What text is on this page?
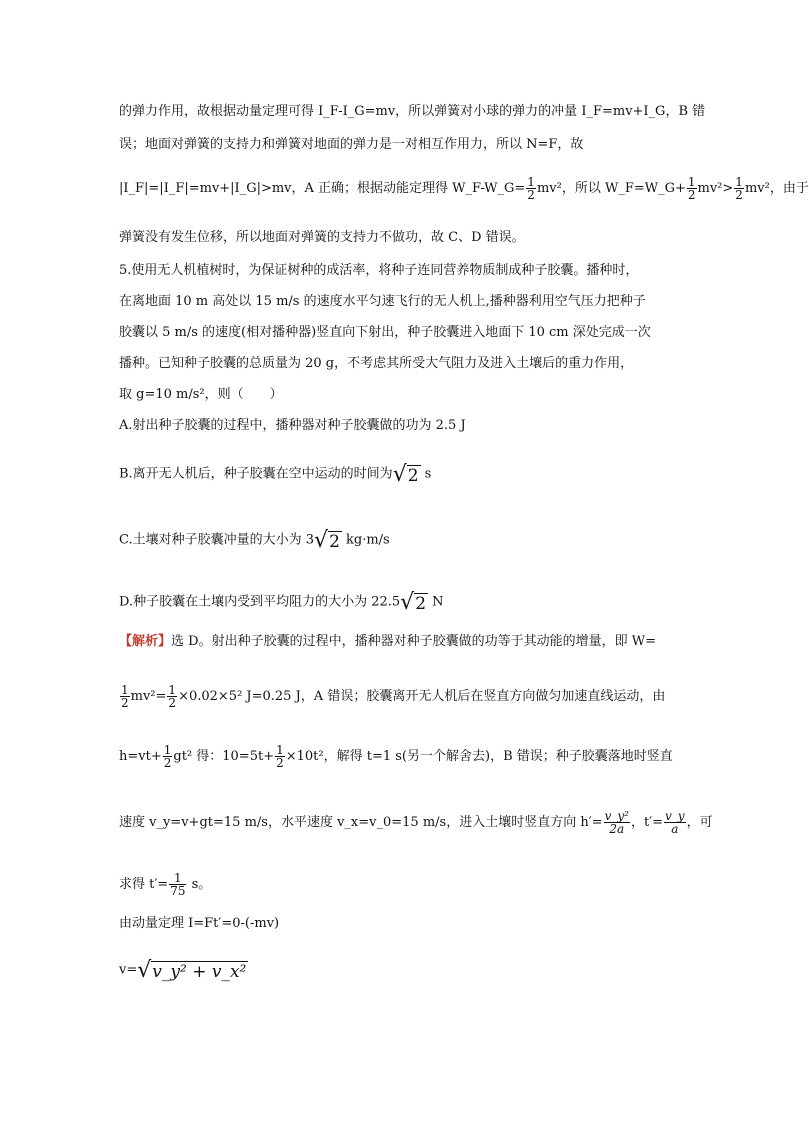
的弹力作用，故根据动量定理可得 I_F-I_G=mv，所以弹簧对小球的弹力的冲量 I_F=mv+I_G，B 错
误；地面对弹簧的支持力和弹簧对地面的弹力是一对相互作用力，所以 N=F，故
|I_F|=|I_F|=mv+|I_G|>mv，A 正确；根据动能定理得 W_F-W_G= $\frac{1}{2} mv^2$，所以 W_F=W_G+ $\frac{1}{2} mv^2> \frac{1}{2} mv^2$，由于
弹簧没有发生位移，所以地面对弹簧的支持力不做功，故 C、D 错误。
5.使用无人机植树时，为保证树种的成活率，将种子连同营养物质制成种子胶囊。播种时，
在离地面 10 m 高处以 15 m/s 的速度水平匀速飞行的无人机上,播种器利用空气压力把种子
胶囊以 5 m/s 的速度(相对播种器)竖直向下射出，种子胶囊进入地面下 10 cm 深处完成一次
播种。已知种子胶囊的总质量为 20 g，不考虑其所受大气阻力及进入土壤后的重力作用，
取 g=10 m/s²，则（　　）
A.射出种子胶囊的过程中，播种器对种子胶囊做的功为 2.5 J
B.离开无人机后，种子胶囊在空中运动的时间为 √ 2 s
C.土壤对种子胶囊冲量的大小为 3 √ 2 kg·m/s
D.种子胶囊在土壤内受到平均阻力的大小为 22.5 √ 2 N
【解析】选 D。射出种子胶囊的过程中，播种器对种子胶囊做的功等于其动能的增量，即 W=
$\frac{1}{2} mv^2= \frac{1}{2} \times 0.02\times 5^2$ J=0.25 J，A 错误；胶囊离开无人机后在竖直方向做匀加速直线运动，由
$h=vt+ \frac{1}{2} gt^2$ 得：$10=5t+ \frac{1}{2} \times 10t^2$，解得 t=1 s(另一个解舍去)，B 错误；种子胶囊落地时竖直
速度 v_y=v+gt=15 m/s，水平速度 v_x=v_0=15 m/s，进入土壤时竖直方向 $h'= \frac{\text{v\_y²}}{2a}$ ，$t'= \frac{v\_y}{a}$ ，可
求得 $t'= \frac{1}{75}$ s。
由动量定理 I=Ft′=0-(-mv)
v= √ v_y² + v_x²
